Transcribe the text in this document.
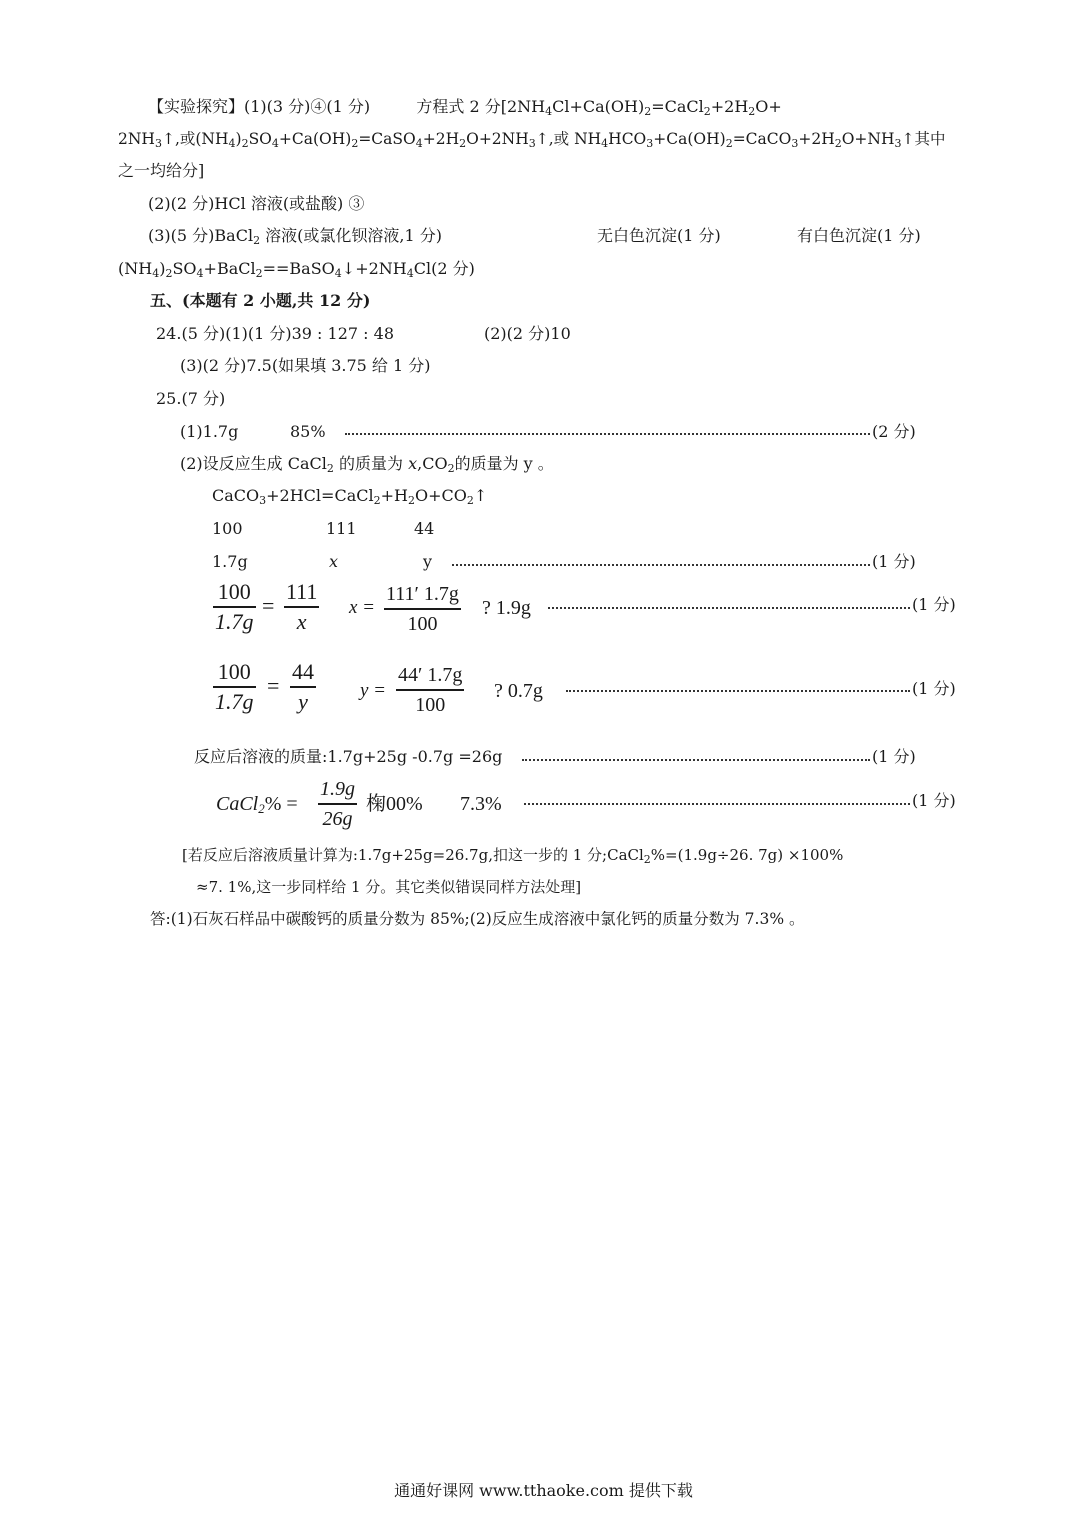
【实验探究】(1)(3 分)④(1 分)	方程式 2 分[$2NH_4Cl+Ca(OH)_2=CaCl_2+2H_2O+$
$2NH_3↑$,或$(NH_4)_2SO_4+Ca(OH)_2=CaSO_4+2H_2O+2NH_3↑$,或 $NH_4HCO_3+Ca(OH)_2=CaCO_3+2H_2O+NH_3↑$其中
之一均给分]
(2)(2 分)HCl 溶液(或盐酸) ③
(3)(5 分)BaCl$_2$ 溶液(或氯化钡溶液,1 分)	无白色沉淀(1 分)	有白色沉淀(1 分)
$(NH_4)_2SO_4+BaCl_2==BaSO_4↓+2NH_4Cl(2$ 分)
五、(本题有 2 小题,共 12 分)
24.(5 分)(1)(1 分)39 : 127 : 48	(2)(2 分)10
(3)(2 分)7.5(如果填 3.75 给 1 分)
25.(7 分)
(1)1.7g	85%	(2 分)
(2)设反应生成 CaCl$_2$ 的质量为 $x,CO_2$的质量为 y 。
$CaCO_3+2HCl=CaCl_2+H_2O+CO_2↑$
100	111	44
1.7g	x	y	(1 分)
$\frac{100}{1.7g} = \frac{111}{x}$ $x = \frac{111' 1.7g}{100}$ ? 1.9g	(1 分)
$\frac{100}{1.7g} = \frac{44}{y}$ $y = \frac{44' 1.7g}{100}$ ? 0.7g	(1 分)
反应后溶液的质量:1.7g+25g -0.7g =26g	(1 分)
CaCl$_2$% = $\frac{1.9g}{26g}$ 椈00% 7.3%	(1 分)
[若反应后溶液质量计算为:1.7g+25g=26.7g,扣这一步的 1 分;CaCl$_2$%=(1.9g÷26. 7g) ×100%
≈7. 1%,这一步同样给 1 分。其它类似错误同样方法处理]
答:(1)石灰石样品中碳酸钙的质量分数为 85%;(2)反应生成溶液中氯化钙的质量分数为 7.3% 。
通通好课网 www.tthaoke.com 提供下载
